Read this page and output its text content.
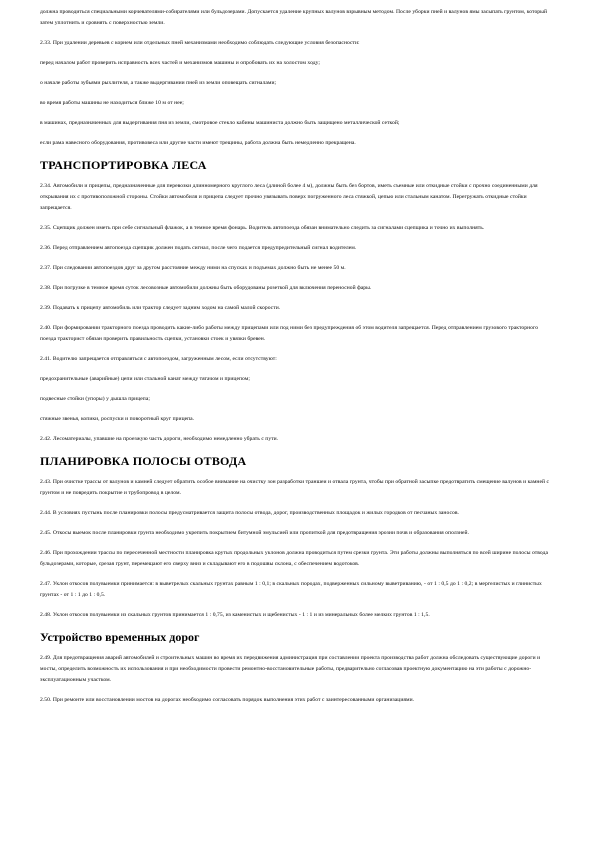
должна проводиться специальными корчевателями-собирателями или бульдозерами. Допускается удаление крупных валунов взрывным методом. После уборки пней и валунов ямы засыпать грунтом, который затем уплотнить и сровнять с поверхностью земли.

2.33. При удалении деревьев с корнем или отдельных пней механизмами необходимо соблюдать следующие условия безопасности:

перед началом работ проверить исправность всех частей и механизмов машины и опробовать их на холостом ходу;

о начале работы зубьями рыхлителя, а также выдергивании пней из земли оповещать сигналами;

во время работы машины не находиться ближе 10 м от нее;

в машинах, предназначенных для выдергивания пня из земли, смотровое стекло кабины машиниста должно быть защищено металлической сеткой;

если рама навесного оборудования, противовеса или другие части имеют трещины, работа должна быть немедленно прекращена.

ТРАНСПОРТИРОВКА ЛЕСА

2.34. Автомобили и прицепы, предназначенные для перевозки длинномерного круглого леса (длиной более 4 м), должны быть без бортов, иметь съемные или откидные стойки с прочно соединенными для открывания их с противоположной стороны. Стойки автомобиля и прицепа следует прочно увязывать поверх погруженного леса стяжкой, цепью или стальным канатом. Перегружать откидные стойки запрещается.

2.35. Сцепщик должен иметь при себе сигнальный флажок, а в темное время фонарь. Водитель автопоезда обязан внимательно следить за сигналами сцепщика и точно их выполнять.

2.36. Перед отправлением автопоезда сцепщик должен подать сигнал, после чего подается предупредительный сигнал водителем.

2.37. При следовании автопоездов друг за другом расстояние между ними на спусках и подъемах должно быть не менее 50 м.

2.38. При погрузке в темное время суток лесовозные автомобили должны быть оборудованы розеткой для включения переносной фары.

2.39. Подавать к прицепу автомобиль или трактор следует задним ходом на самой малой скорости.

2.40. При формировании тракторного поезда проводить какие-либо работы между прицепами или под ними без предупреждения об этом водителя запрещается. Перед отправлением грузового тракторного поезда тракторист обязан проверить правильность сцепки, установки стоек и увязки бревен.

2.41. Водителю запрещается отправляться с автопоездом, загруженным лесом, если отсутствуют:

предохранительные (аварийные) цепи или стальной канат между тягачом и прицепом;

подвесные стойки (упоры) у дышла прицепа;

стяжные звенья, копики, роспуски и поворотный круг прицепа.

2.42. Лесоматериалы, упавшие на проезжую часть дороги, необходимо немедленно убрать с пути.

ПЛАНИРОВКА ПОЛОСЫ ОТВОДА

2.43. При очистке трассы от валунов и камней следует обратить особое внимание на очистку зон разработки траншеи и отвала грунта, чтобы при обратной засыпке предотвратить смещение валунов и камней с грунтом и не повредить покрытие и трубопровод в целом.

2.44. В условиях пустынь после планировки полосы предусматривается защита полосы отвода, дорог, производственных площадок и жилых городков от песчаных заносов.

2.45. Откосы выемок после планировки грунта необходимо укрепить покрытием битумной эмульсией или пропиткой для предотвращения эрозии почв и образования оползней.

2.46. При прохождении трассы по пересеченной местности планировка крутых продольных уклонов должна проводиться путем срезки грунта. Эти работы должны выполняться по всей ширине полосы отвода бульдозерами, которые, срезая грунт, перемещают его сверху вниз и складывают его в подошвы склона, с обеспечением водотоков.

2.47. Уклон откосов полувыемки принимается: в выветрелых скальных грунтах равным 1 : 0,1; в скальных породах, подверженных сильному выветриванию, - от 1 : 0,5 до 1 : 0,2; в мергелистых и глинистых грунтах - от 1 : 1 до 1 : 0,5.

2.48. Уклон откосов полувыемки из скальных грунтов принимается 1 : 0,75, из каменистых и щебенистых - 1 : 1 и из минеральных более мелких грунтов 1 : 1,5.

Устройство временных дорог

2.49. Для предотвращения аварий автомобилей и строительных машин во время их передвижения администрация при составлении проекта производства работ должна обследовать существующие дороги и мосты, определить возможность их использования и при необходимости провести ремонтно-восстановительные работы, предварительно согласовав проектную документацию на эти работы с дорожно-эксплуатационным участком.

2.50. При ремонте или восстановлении мостов на дорогах необходимо согласовать порядок выполнения этих работ с заинтересованными организациями.
